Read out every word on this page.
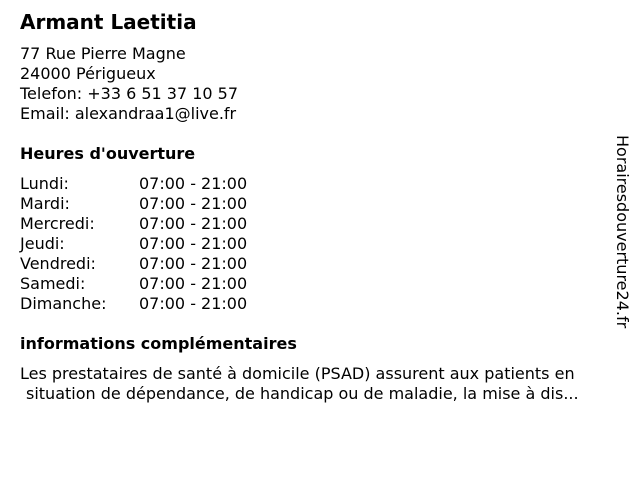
Armant Laetitia
77 Rue Pierre Magne
24000 Périgueux
Telefon: +33 6 51 37 10 57
Email: alexandraa1@live.fr
Heures d'ouverture
Lundi:	07:00 - 21:00
Mardi:	07:00 - 21:00
Mercredi:	07:00 - 21:00
Jeudi:	07:00 - 21:00
Vendredi:	07:00 - 21:00
Samedi:	07:00 - 21:00
Dimanche: 07:00 - 21:00
informations complémentaires
Les prestataires de santé à domicile (PSAD) assurent aux patients en
situation de dépendance, de handicap ou de maladie, la mise à dis...
Horairesdouverture24.fr
